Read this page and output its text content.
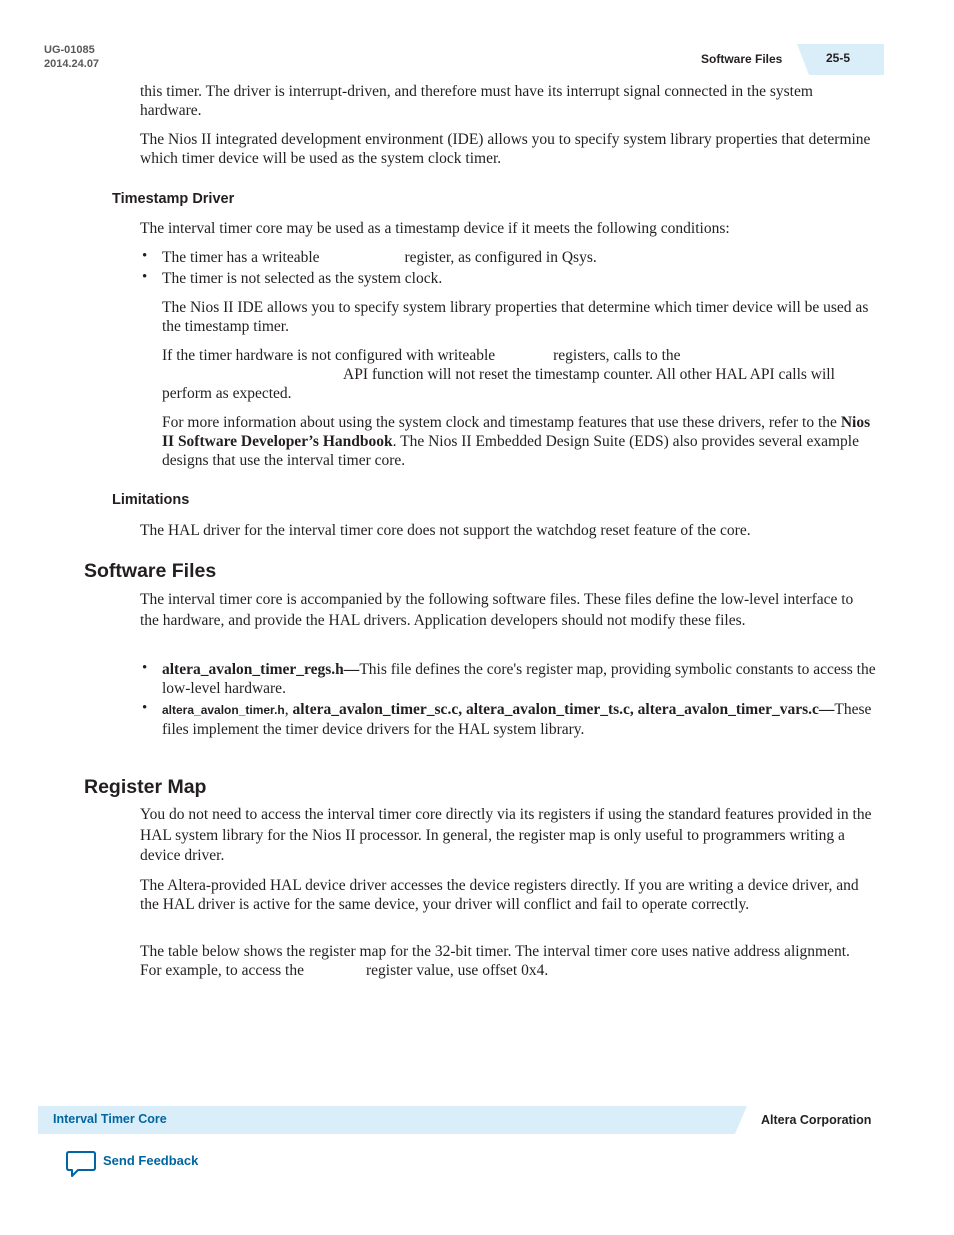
UG-01085
2014.24.07	Software Files	25-5
this timer. The driver is interrupt-driven, and therefore must have its interrupt signal connected in the system hardware.
The Nios II integrated development environment (IDE) allows you to specify system library properties that determine which timer device will be used as the system clock timer.
Timestamp Driver
The interval timer core may be used as a timestamp device if it meets the following conditions:
• The timer has a writeable	register, as configured in Qsys.
• The timer is not selected as the system clock.
The Nios II IDE allows you to specify system library properties that determine which timer device will be used as the timestamp timer.
If the timer hardware is not configured with writeable	registers, calls to the
API function will not reset the timestamp counter. All other HAL API calls will perform as expected.
For more information about using the system clock and timestamp features that use these drivers, refer to the Nios II Software Developer’s Handbook. The Nios II Embedded Design Suite (EDS) also provides several example designs that use the interval timer core.
Limitations
The HAL driver for the interval timer core does not support the watchdog reset feature of the core.
Software Files
The interval timer core is accompanied by the following software files. These files define the low-level interface to the hardware, and provide the HAL drivers. Application developers should not modify these files.
• altera_avalon_timer_regs.h—This file defines the core's register map, providing symbolic constants to access the low-level hardware.
• altera_avalon_timer.h, altera_avalon_timer_sc.c, altera_avalon_timer_ts.c, altera_avalon_timer_vars.c—These files implement the timer device drivers for the HAL system library.
Register Map
You do not need to access the interval timer core directly via its registers if using the standard features provided in the HAL system library for the Nios II processor. In general, the register map is only useful to programmers writing a device driver.
The Altera-provided HAL device driver accesses the device registers directly. If you are writing a device driver, and the HAL driver is active for the same device, your driver will conflict and fail to operate correctly.
The table below shows the register map for the 32-bit timer. The interval timer core uses native address alignment. For example, to access the	register value, use offset 0x4.
Interval Timer Core	Altera Corporation
Send Feedback
